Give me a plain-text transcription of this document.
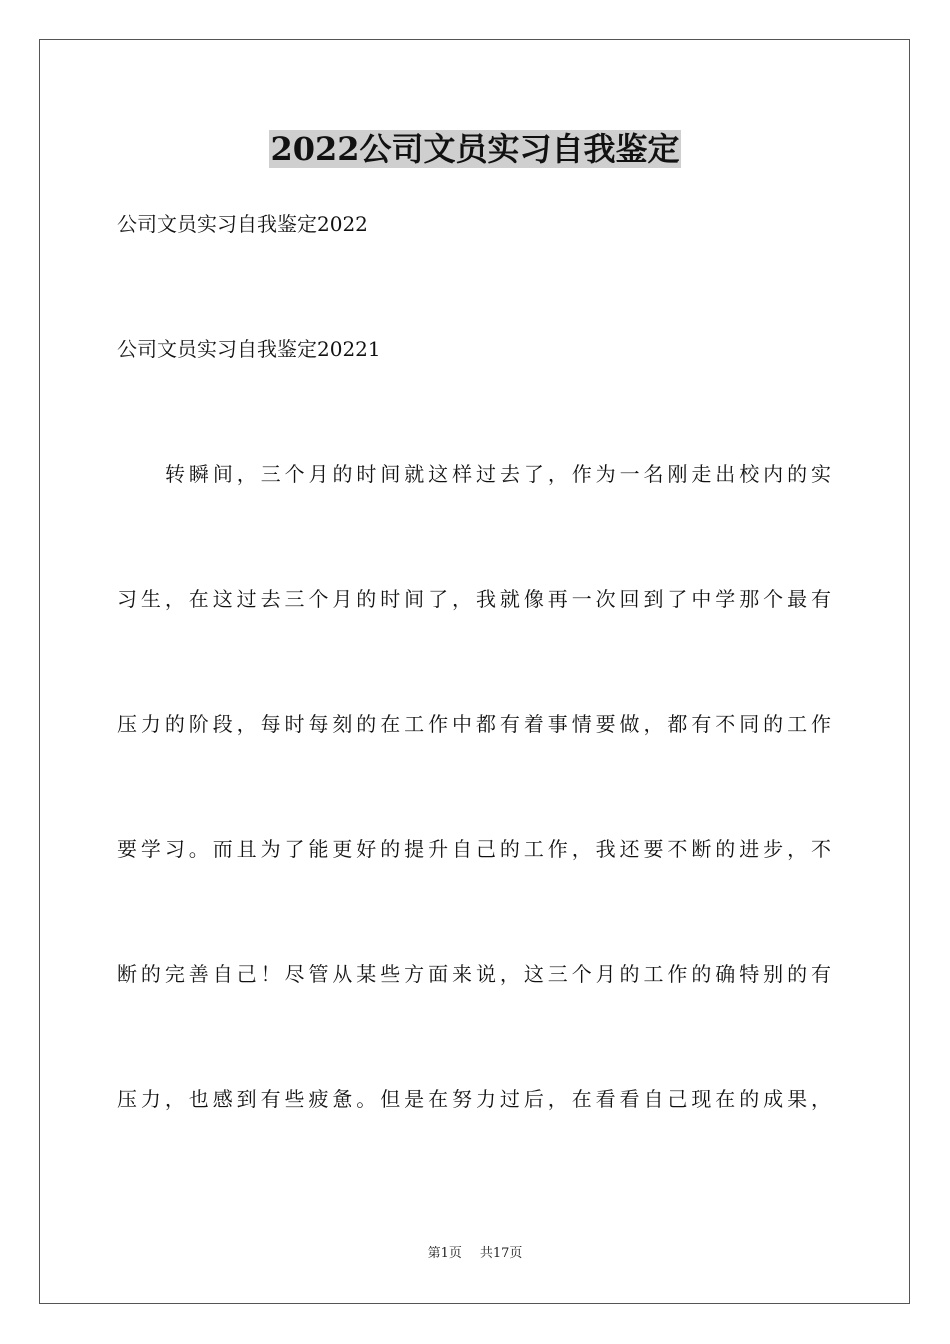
2022公司文员实习自我鉴定
公司文员实习自我鉴定2022
公司文员实习自我鉴定20221
转瞬间，三个月的时间就这样过去了，作为一名刚走出校内的实
习生，在这过去三个月的时间了，我就像再一次回到了中学那个最有
压力的阶段，每时每刻的在工作中都有着事情要做，都有不同的工作
要学习。而且为了能更好的提升自己的工作，我还要不断的进步，不
断的完善自己！尽管从某些方面来说，这三个月的工作的确特别的有
压力，也感到有些疲惫。但是在努力过后，在看看自己现在的成果，
第1页 共17页
